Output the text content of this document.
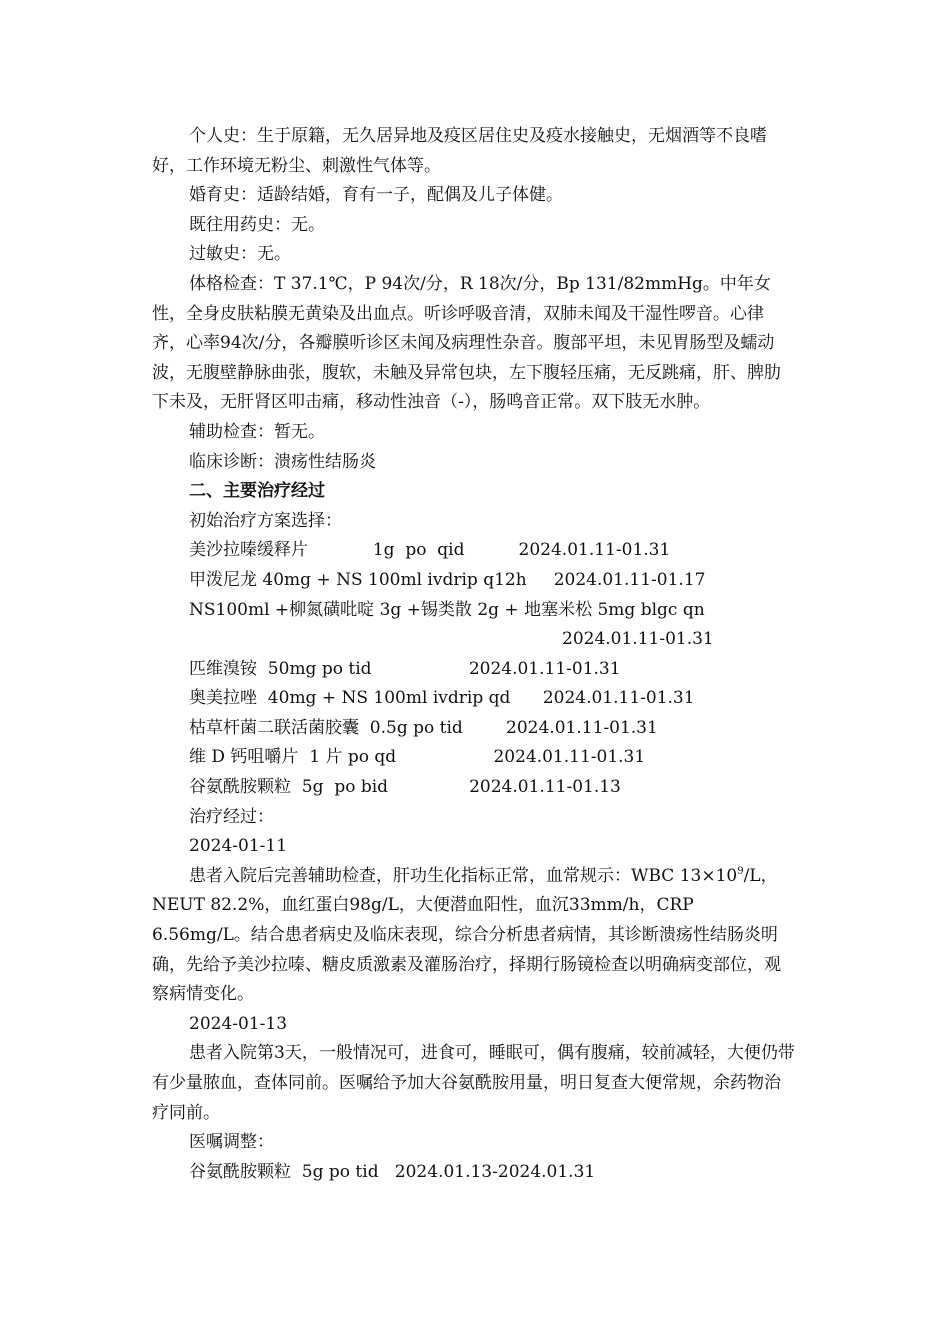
个人史：生于原籍，无久居异地及疫区居住史及疫水接触史，无烟酒等不良嗜好，工作环境无粉尘、刺激性气体等。

婚育史：适龄结婚，育有一子，配偶及儿子体健。

既往用药史：无。

过敏史：无。

体格检查：T 37.1℃，P 94次/分，R 18次/分，Bp 131/82mmHg。中年女性，全身皮肤粘膜无黄染及出血点。听诊呼吸音清，双肺未闻及干湿性啰音。心律齐，心率94次/分，各瓣膜听诊区未闻及病理性杂音。腹部平坦，未见胃肠型及蠕动波，无腹壁静脉曲张，腹软，未触及异常包块，左下腹轻压痛，无反跳痛，肝、脾肋下未及，无肝肾区叩击痛，移动性浊音（-），肠鸣音正常。双下肢无水肿。

辅助检查：暂无。

临床诊断：溃疡性结肠炎

二、主要治疗经过

初始治疗方案选择：

美沙拉嗪缓释片	1g  po  qid	2024.01.11-01.31

甲泼尼龙 40mg + NS 100ml ivdrip q12h 2024.01.11-01.17

NS100ml +柳氮磺吡啶 3g +锡类散 2g + 地塞米松 5mg blgc qn

2024.01.11-01.31

匹维溴铵  50mg po tid	2024.01.11-01.31

奥美拉唑  40mg + NS 100ml ivdrip qd 2024.01.11-01.31

枯草杆菌二联活菌胶囊  0.5g po tid	2024.01.11-01.31

维 D 钙咀嚼片  1 片 po qd	2024.01.11-01.31

谷氨酰胺颗粒  5g  po bid	2024.01.11-01.13

治疗经过：

2024-01-11

患者入院后完善辅助检查，肝功生化指标正常，血常规示：WBC $13\times 10^9/L$，NEUT 82.2%，血红蛋白98g/L，大便潜血阳性，血沉33mm/h，CRP 6.56mg/L。结合患者病史及临床表现，综合分析患者病情，其诊断溃疡性结肠炎明确，先给予美沙拉嗪、糖皮质激素及灌肠治疗，择期行肠镜检查以明确病变部位，观察病情变化。

2024-01-13

患者入院第3天，一般情况可，进食可，睡眠可，偶有腹痛，较前减轻，大便仍带有少量脓血，查体同前。医嘱给予加大谷氨酰胺用量，明日复查大便常规，余药物治疗同前。

医嘱调整：

谷氨酰胺颗粒  5g po tid   2024.01.13-2024.01.31
